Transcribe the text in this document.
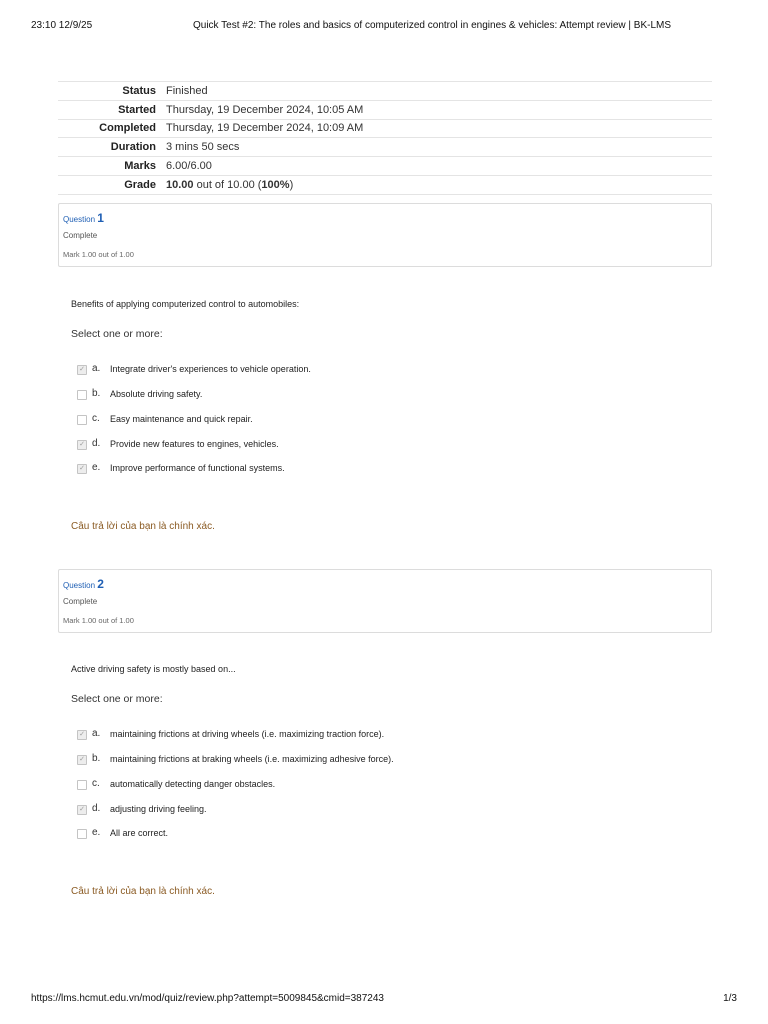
23:10 12/9/25	Quick Test #2: The roles and basics of computerized control in engines & vehicles: Attempt review | BK-LMS
Status	Finished
Started	Thursday, 19 December 2024, 10:05 AM
Completed	Thursday, 19 December 2024, 10:09 AM
Duration	3 mins 50 secs
Marks	6.00/6.00
Grade	10.00 out of 10.00 (100%)
Question 1
Complete
Mark 1.00 out of 1.00
Benefits of applying computerized control to automobiles:
Select one or more:
✓ a. Integrate driver's experiences to vehicle operation.
b. Absolute driving safety.
c. Easy maintenance and quick repair.
✓ d. Provide new features to engines, vehicles.
✓ e. Improve performance of functional systems.
Câu trả lời của bạn là chính xác.
Question 2
Complete
Mark 1.00 out of 1.00
Active driving safety is mostly based on...
Select one or more:
✓ a. maintaining frictions at driving wheels (i.e. maximizing traction force).
✓ b. maintaining frictions at braking wheels (i.e. maximizing adhesive force).
c. automatically detecting danger obstacles.
✓ d. adjusting driving feeling.
e. All are correct.
Câu trả lời của bạn là chính xác.
https://lms.hcmut.edu.vn/mod/quiz/review.php?attempt=5009845&cmid=387243	1/3
